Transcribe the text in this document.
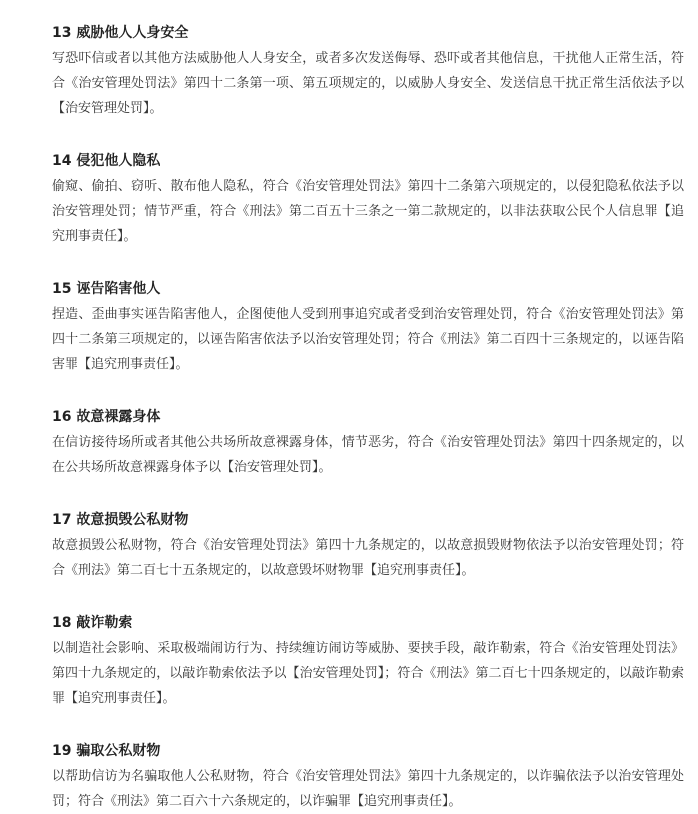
13 威胁他人人身安全

写恐吓信或者以其他方法威胁他人人身安全，或者多次发送侮辱、恐吓或者其他信息，干扰他人正常生活，符合《治安管理处罚法》第四十二条第一项、第五项规定的，以威胁人身安全、发送信息干扰正常生活依法予以【治安管理处罚】。

14 侵犯他人隐私

偷窥、偷拍、窃听、散布他人隐私，符合《治安管理处罚法》第四十二条第六项规定的，以侵犯隐私依法予以治安管理处罚；情节严重，符合《刑法》第二百五十三条之一第二款规定的，以非法获取公民个人信息罪【追究刑事责任】。

15 诬告陷害他人

捏造、歪曲事实诬告陷害他人，企图使他人受到刑事追究或者受到治安管理处罚，符合《治安管理处罚法》第四十二条第三项规定的，以诬告陷害依法予以治安管理处罚；符合《刑法》第二百四十三条规定的，以诬告陷害罪【追究刑事责任】。

16 故意裸露身体

在信访接待场所或者其他公共场所故意裸露身体，情节恶劣，符合《治安管理处罚法》第四十四条规定的，以在公共场所故意裸露身体予以【治安管理处罚】。

17 故意损毁公私财物

故意损毁公私财物，符合《治安管理处罚法》第四十九条规定的，以故意损毁财物依法予以治安管理处罚；符合《刑法》第二百七十五条规定的，以故意毁坏财物罪【追究刑事责任】。

18 敲诈勒索

以制造社会影响、采取极端闹访行为、持续缠访闹访等威胁、要挟手段，敲诈勒索，符合《治安管理处罚法》第四十九条规定的，以敲诈勒索依法予以【治安管理处罚】；符合《刑法》第二百七十四条规定的，以敲诈勒索罪【追究刑事责任】。

19 骗取公私财物

以帮助信访为名骗取他人公私财物，符合《治安管理处罚法》第四十九条规定的，以诈骗依法予以治安管理处罚；符合《刑法》第二百六十六条规定的，以诈骗罪【追究刑事责任】。
